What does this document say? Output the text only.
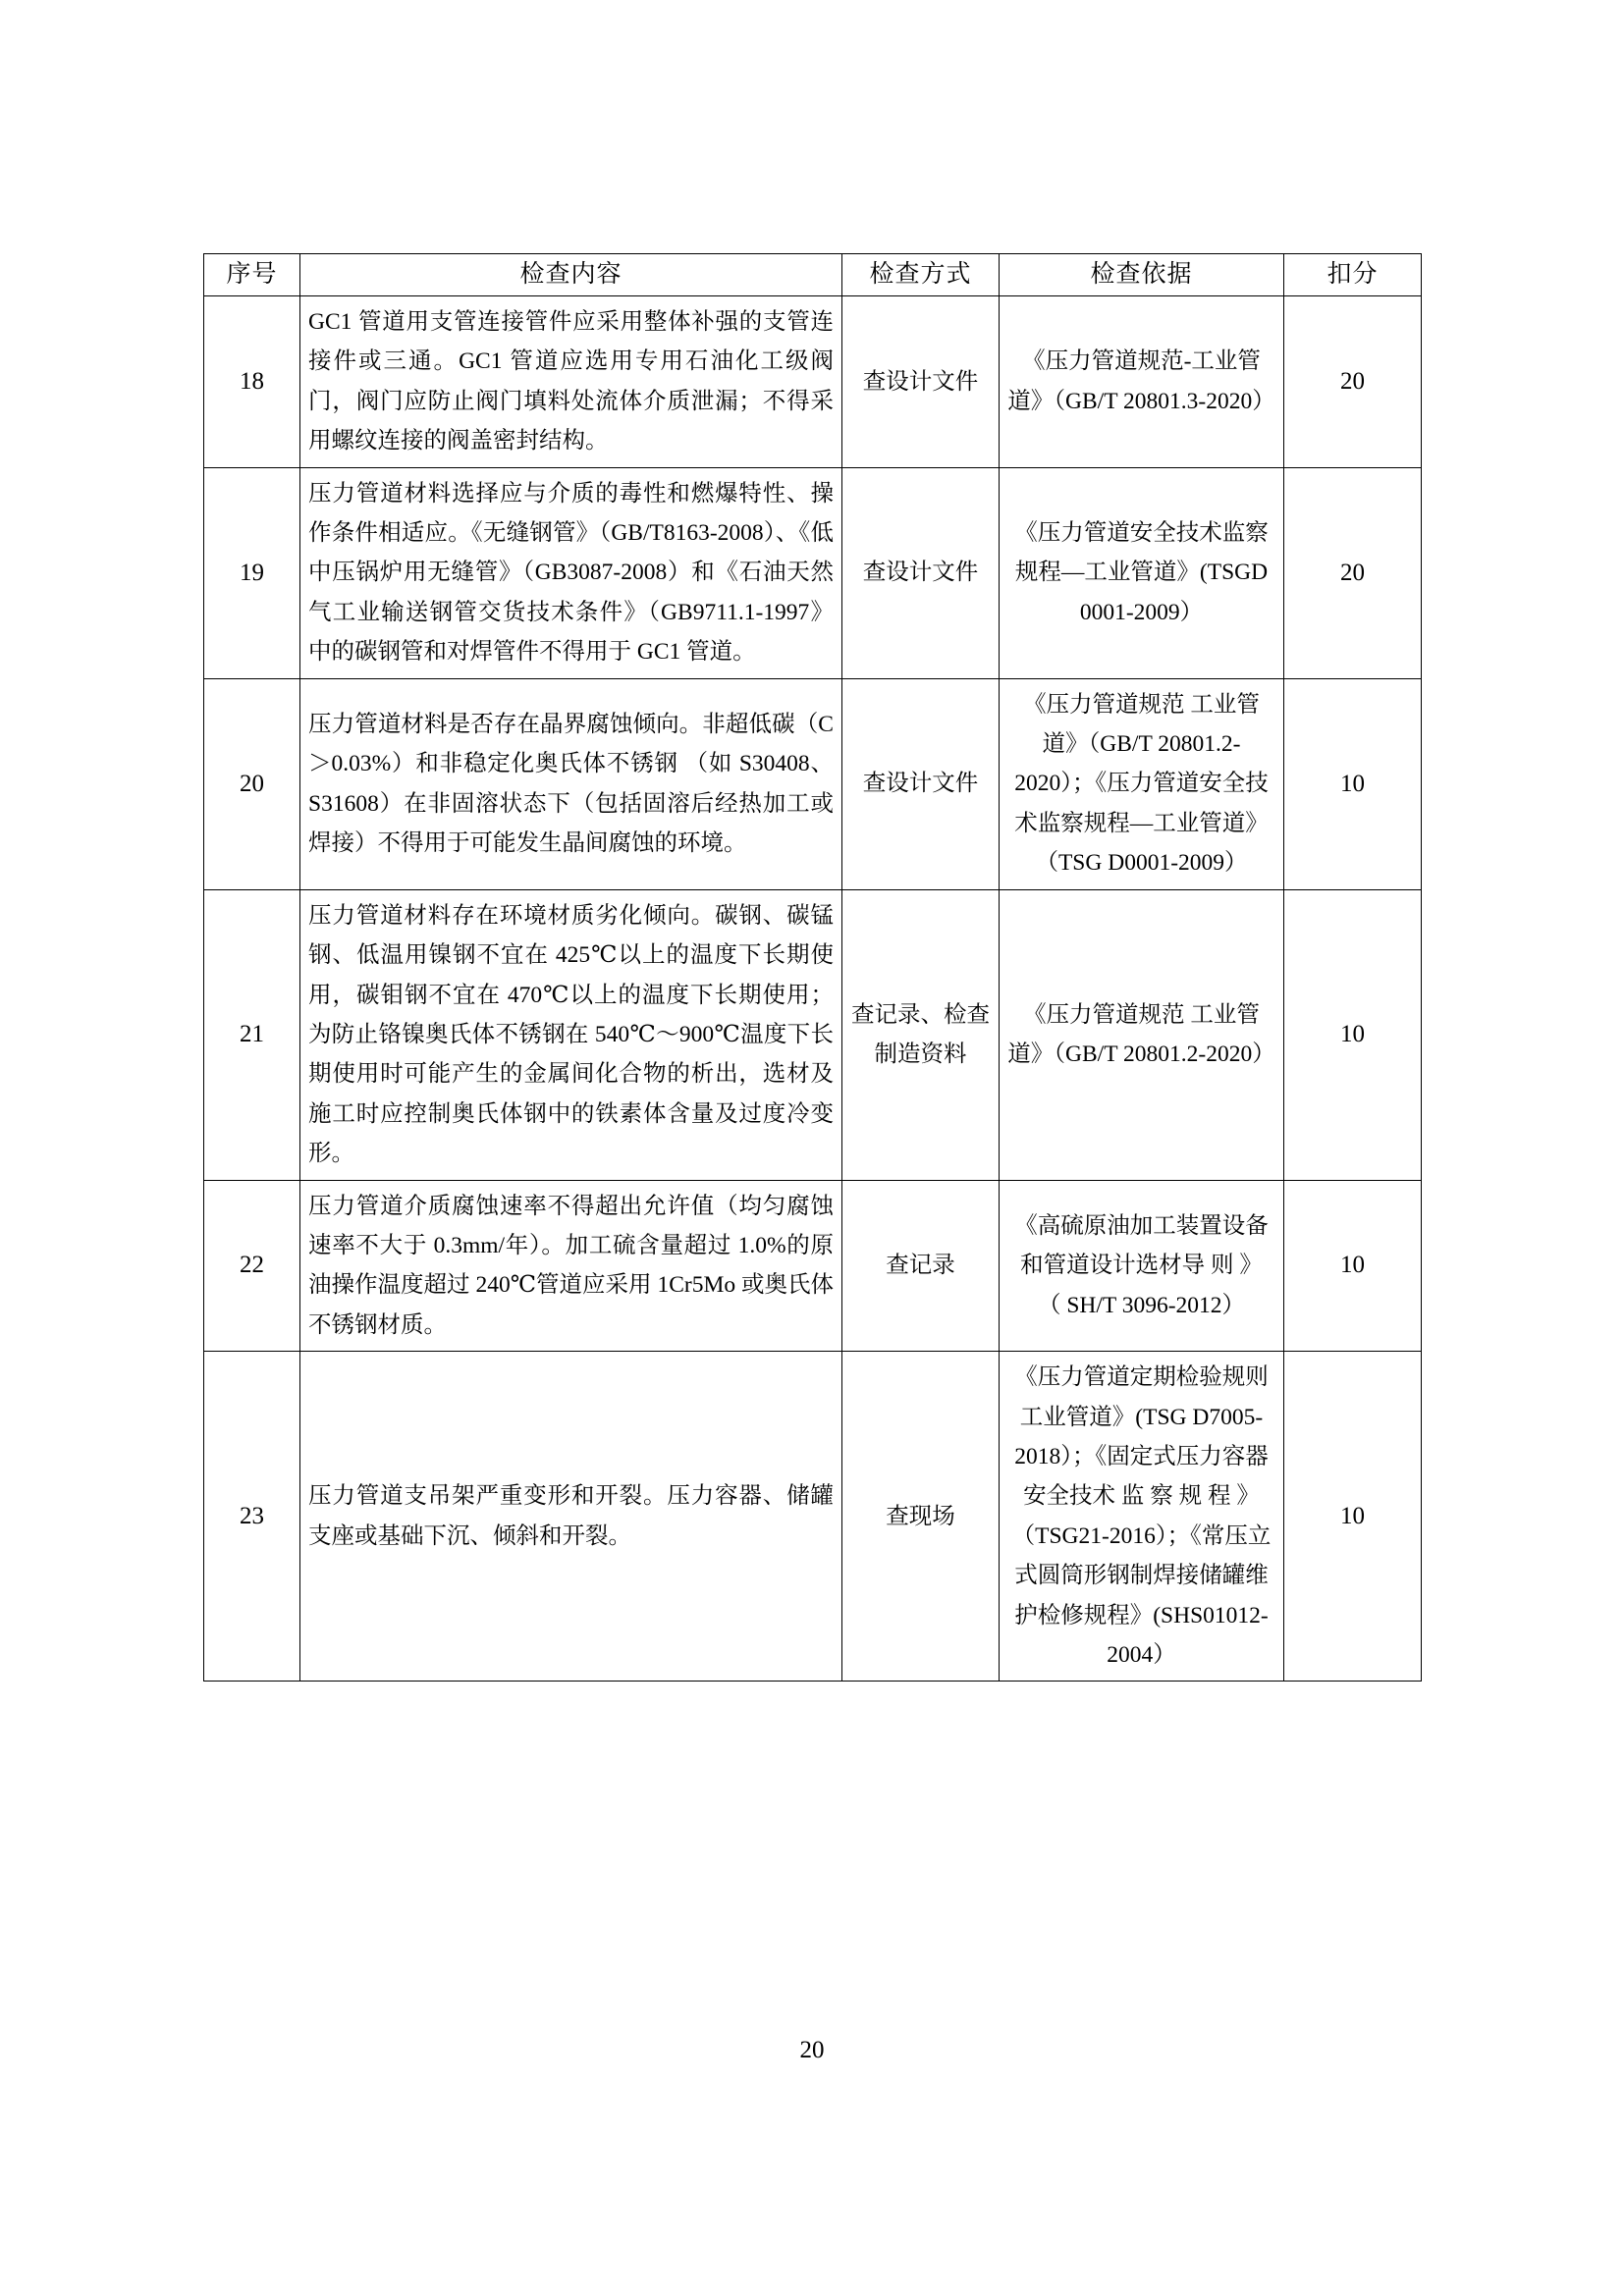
序号	检查内容	检查方式	检查依据	扣分
18	GC1 管道用支管连接管件应采用整体补强的支管连接件或三通。GC1 管道应选用专用石油化工级阀门，阀门应防止阀门填料处流体介质泄漏；不得采用螺纹连接的阀盖密封结构。	查设计文件	《压力管道规范-工业管道》（GB/T 20801.3-2020）	20
19	压力管道材料选择应与介质的毒性和燃爆特性、操作条件相适应。《无缝钢管》（GB/T8163-2008）、《低中压锅炉用无缝管》（GB3087-2008）和《石油天然气工业输送钢管交货技术条件》（GB9711.1-1997》中的碳钢管和对焊管件不得用于 GC1 管道。	查设计文件	《压力管道安全技术监察规程—工业管道》(TSGD 0001-2009）	20
20	压力管道材料是否存在晶界腐蚀倾向。非超低碳（C＞0.03%）和非稳定化奥氏体不锈钢 （如 S30408、S31608）在非固溶状态下（包括固溶后经热加工或焊接）不得用于可能发生晶间腐蚀的环境。	查设计文件	《压力管道规范 工业管道》（GB/T 20801.2-2020）；《压力管道安全技术监察规程—工业管道》（TSG D0001-2009）	10
21	压力管道材料存在环境材质劣化倾向。碳钢、碳锰钢、低温用镍钢不宜在 425℃以上的温度下长期使用，碳钼钢不宜在 470℃以上的温度下长期使用；为防止铬镍奥氏体不锈钢在 540℃～900℃温度下长期使用时可能产生的金属间化合物的析出，选材及施工时应控制奥氏体钢中的铁素体含量及过度冷变形。	查记录、检查制造资料	《压力管道规范 工业管道》（GB/T 20801.2-2020）	10
22	压力管道介质腐蚀速率不得超出允许值（均匀腐蚀速率不大于 0.3mm/年）。加工硫含量超过 1.0%的原油操作温度超过 240℃管道应采用 1Cr5Mo 或奥氏体不锈钢材质。	查记录	《高硫原油加工装置设备和管道设计选材导 则 》 （ SH/T 3096-2012）	10
23	压力管道支吊架严重变形和开裂。压力容器、储罐支座或基础下沉、倾斜和开裂。	查现场	《压力管道定期检验规则 工业管道》(TSG D7005-2018）；《固定式压力容器安全技术 监 察 规 程 》（TSG21-2016）；《常压立式圆筒形钢制焊接储罐维护检修规程》(SHS01012-2004）	10
20
